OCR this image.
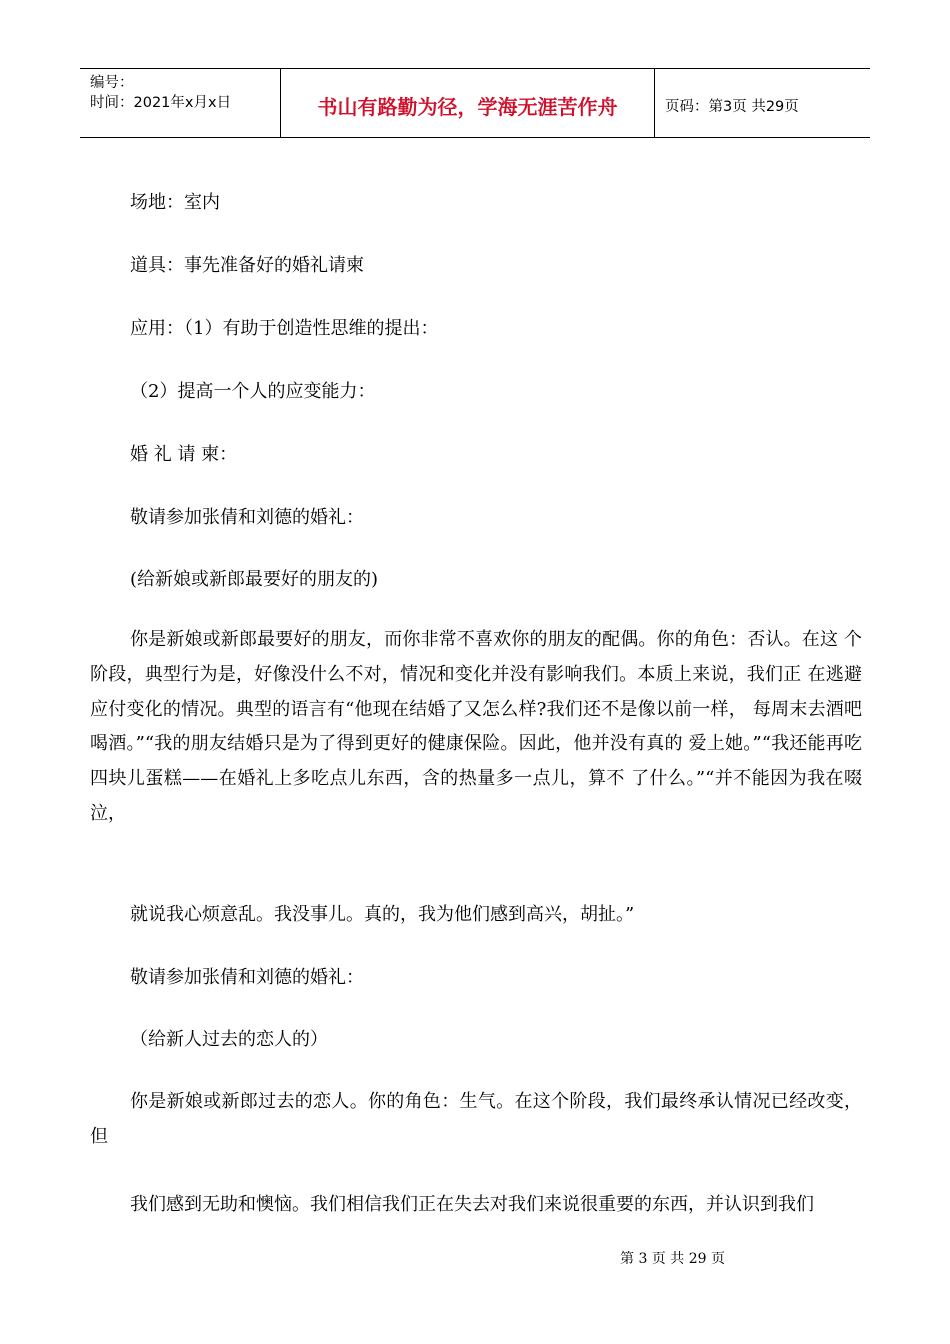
编号：
时间：2021年x月x日	书山有路勤为径，学海无涯苦作舟	页码：第3页 共29页
场地：室内
道具：事先准备好的婚礼请柬
应用：（1）有助于创造性思维的提出：
（2）提高一个人的应变能力：
婚 礼 请 柬：
敬请参加张倩和刘德的婚礼：
(给新娘或新郎最要好的朋友的)
你是新娘或新郎最要好的朋友，而你非常不喜欢你的朋友的配偶。你的角色：否认。在这 个阶段，典型行为是，好像没什么不对，情况和变化并没有影响我们。本质上来说，我们正 在逃避应付变化的情况。典型的语言有“他现在结婚了又怎么样?我们还不是像以前一样， 每周末去酒吧喝酒。”“我的朋友结婚只是为了得到更好的健康保险。因此，他并没有真的 爱上她。”“我还能再吃四块儿蛋糕——在婚礼上多吃点儿东西，含的热量多一点儿，算不 了什么。”“并不能因为我在啜泣，
就说我心烦意乱。我没事儿。真的，我为他们感到高兴，胡扯。”
敬请参加张倩和刘德的婚礼：
（给新人过去的恋人的）
你是新娘或新郎过去的恋人。你的角色：生气。在这个阶段，我们最终承认情况已经改变，但
我们感到无助和懊恼。我们相信我们正在失去对我们来说很重要的东西，并认识到我们
第 3 页 共 29 页
